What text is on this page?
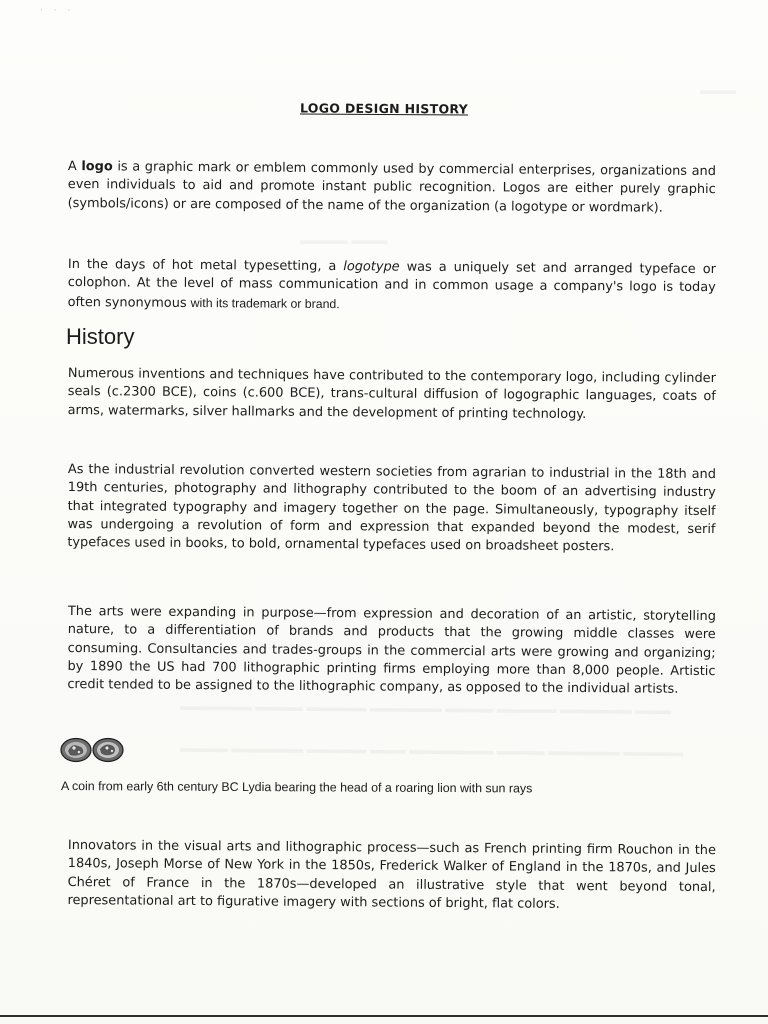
· · ·
▬▬▬
▬▬▬▬ ▬▬▬
▬▬▬▬▬▬ ▬▬▬▬ ▬▬▬▬▬ ▬▬▬▬▬▬ ▬▬▬▬ ▬▬▬▬▬ ▬▬▬▬▬▬ ▬▬▬
▬▬▬▬ ▬▬▬▬▬▬ ▬▬▬▬▬ ▬▬▬ ▬▬▬▬▬▬▬ ▬▬▬▬ ▬▬▬▬▬▬ ▬▬▬▬▬
LOGO DESIGN HISTORY

A logo is a graphic mark or emblem commonly used by commercial enterprises, organizations and even individuals to aid and promote instant public recognition. Logos are either purely graphic (symbols/icons) or are composed of the name of the organization (a logotype or wordmark).

In the days of hot metal typesetting, a logotype was a uniquely set and arranged typeface or colophon. At the level of mass communication and in common usage a company's logo is today often synonymous with its trademark or brand.

History

Numerous inventions and techniques have contributed to the contemporary logo, including cylinder seals (c.2300 BCE), coins (c.600 BCE), trans-cultural diffusion of logographic languages, coats of arms, watermarks, silver hallmarks and the development of printing technology.

As the industrial revolution converted western societies from agrarian to industrial in the 18th and 19th centuries, photography and lithography contributed to the boom of an advertising industry that integrated typography and imagery together on the page. Simultaneously, typography itself was undergoing a revolution of form and expression that expanded beyond the modest, serif typefaces used in books, to bold, ornamental typefaces used on broadsheet posters.

The arts were expanding in purpose—from expression and decoration of an artistic, storytelling nature, to a differentiation of brands and products that the growing middle classes were consuming. Consultancies and trades-groups in the commercial arts were growing and organizing; by 1890 the US had 700 lithographic printing firms employing more than 8,000 people. Artistic credit tended to be assigned to the lithographic company, as opposed to the individual artists.

A coin from early 6th century BC Lydia bearing the head of a roaring lion with sun rays

Innovators in the visual arts and lithographic process—such as French printing firm Rouchon in the 1840s, Joseph Morse of New York in the 1850s, Frederick Walker of England in the 1870s, and Jules Chéret of France in the 1870s—developed an illustrative style that went beyond tonal, representational art to figurative imagery with sections of bright, flat colors.
